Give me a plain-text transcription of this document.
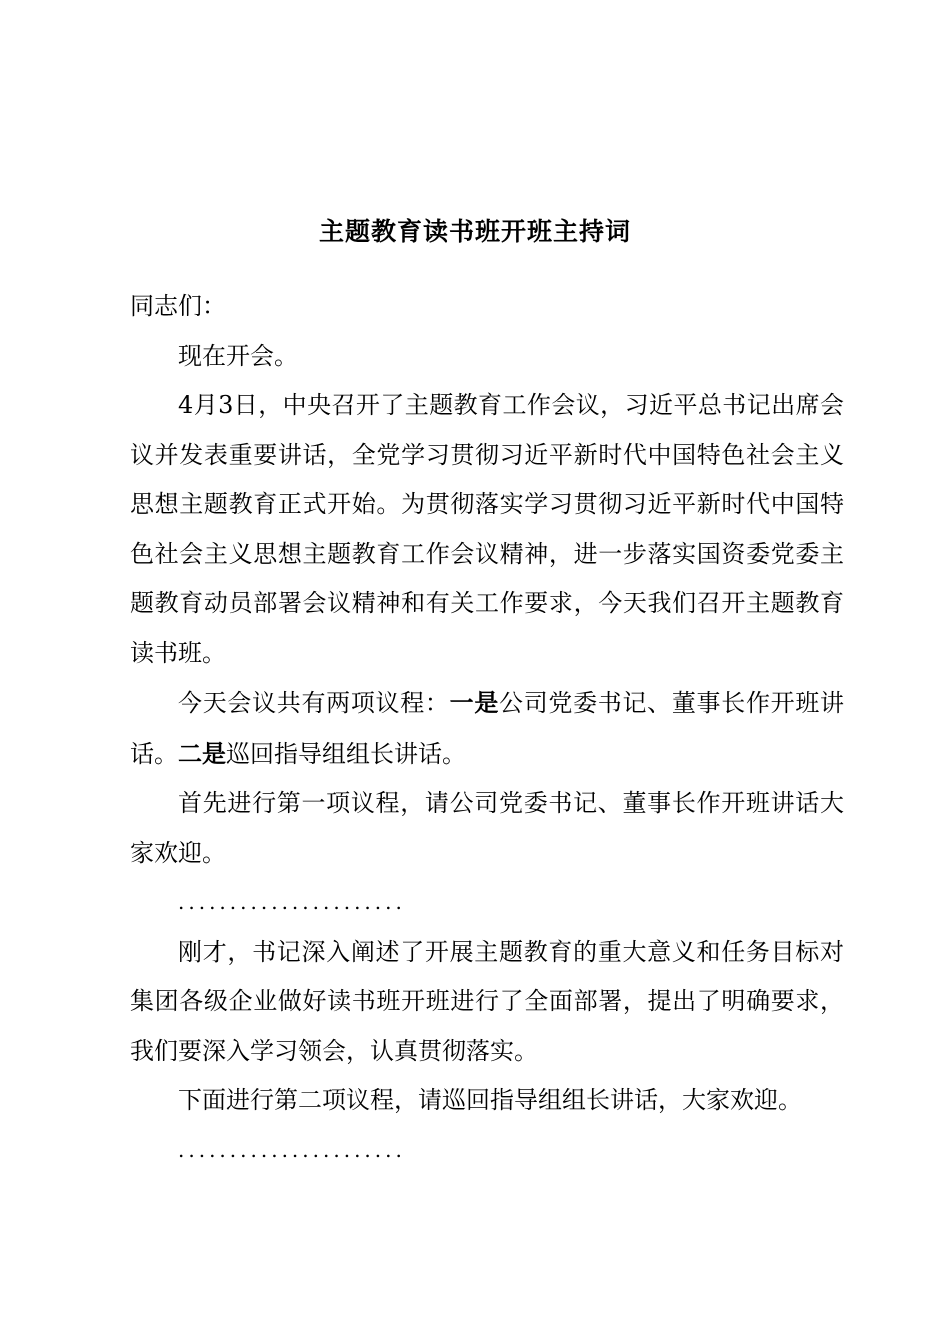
主题教育读书班开班主持词

同志们：

现在开会。

4月3日，中央召开了主题教育工作会议，习近平总书记出席会议并发表重要讲话，全党学习贯彻习近平新时代中国特色社会主义思想主题教育正式开始。为贯彻落实学习贯彻习近平新时代中国特色社会主义思想主题教育工作会议精神，进一步落实国资委党委主题教育动员部署会议精神和有关工作要求，今天我们召开主题教育读书班。

今天会议共有两项议程：一是公司党委书记、董事长作开班讲话。二是巡回指导组组长讲话。

首先进行第一项议程，请公司党委书记、董事长作开班讲话大家欢迎。

......................

刚才，书记深入阐述了开展主题教育的重大意义和任务目标对集团各级企业做好读书班开班进行了全面部署，提出了明确要求，我们要深入学习领会，认真贯彻落实。

下面进行第二项议程，请巡回指导组组长讲话，大家欢迎。

......................
